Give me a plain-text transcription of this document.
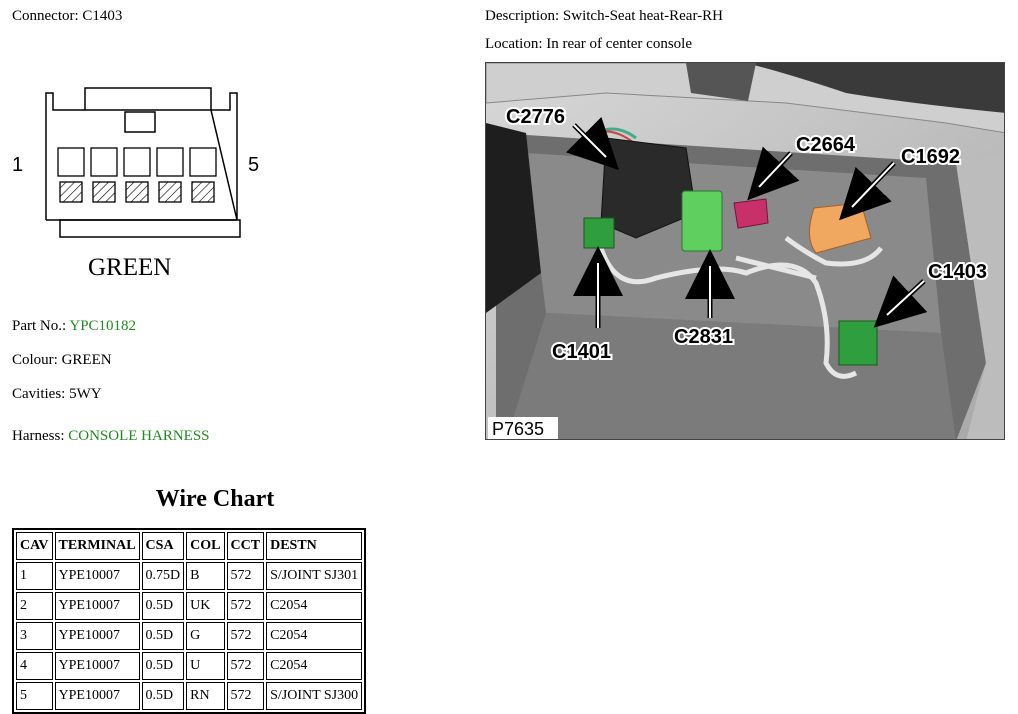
Connector: C1403	Description: Switch-Seat heat-Rear-RH
Location: In rear of center console
1	5
GREEN
Part No.: YPC10182
Colour: GREEN
Cavities: 5WY
Harness: CONSOLE HARNESS
C2776
C2664
C1692
C1403
C1401
C2831
P7635
Wire Chart
CAV	TERMINAL	CSA	COL	CCT	DESTN
1	YPE10007	0.75D	B	572	S/JOINT SJ301
2	YPE10007	0.5D	UK	572	C2054
3	YPE10007	0.5D	G	572	C2054
4	YPE10007	0.5D	U	572	C2054
5	YPE10007	0.5D	RN	572	S/JOINT SJ300
